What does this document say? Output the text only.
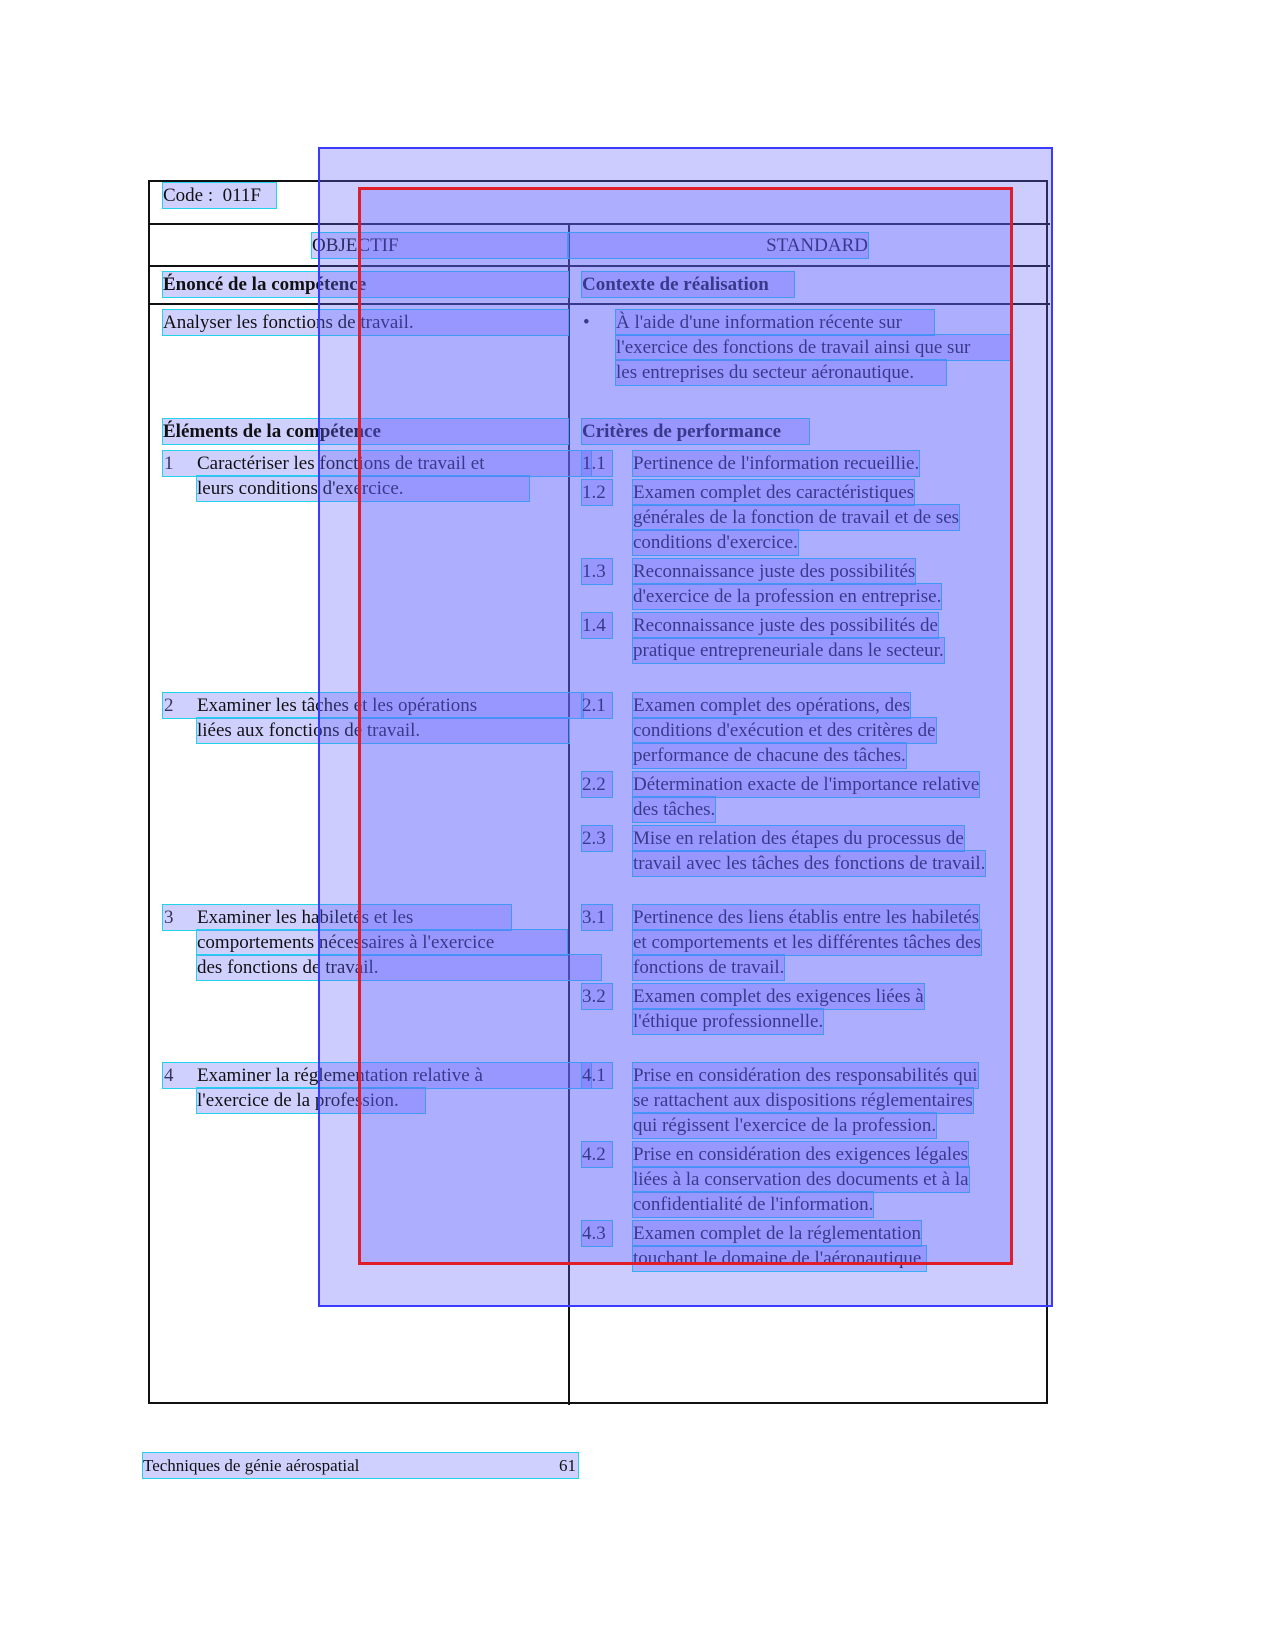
Code : 011F
OBJECTIF	STANDARD
Énoncé de la compétence
Analyser les fonctions de travail.
Éléments de la compétence
1	Caractériser les fonctions de travail et
leurs conditions d'exercice.
2	Examiner les tâches et les opérations
liées aux fonctions de travail.
3	Examiner les habiletés et les
comportements nécessaires à l'exercice
des fonctions de travail.
4	Examiner la réglementation relative à
l'exercice de la profession.
Contexte de réalisation
• À l'aide d'une information récente sur
l'exercice des fonctions de travail ainsi que sur
les entreprises du secteur aéronautique.
Critères de performance
1.1	Pertinence de l'information recueillie.
1.2	Examen complet des caractéristiques
générales de la fonction de travail et de ses
conditions d'exercice.
1.3	Reconnaissance juste des possibilités
d'exercice de la profession en entreprise.
1.4	Reconnaissance juste des possibilités de
pratique entrepreneuriale dans le secteur.
2.1	Examen complet des opérations, des
conditions d'exécution et des critères de
performance de chacune des tâches.
2.2	Détermination exacte de l'importance relative
des tâches.
2.3	Mise en relation des étapes du processus de
travail avec les tâches des fonctions de travail.
3.1	Pertinence des liens établis entre les habiletés
et comportements et les différentes tâches des
fonctions de travail.
3.2	Examen complet des exigences liées à
l'éthique professionnelle.
4.1	Prise en considération des responsabilités qui
se rattachent aux dispositions réglementaires
qui régissent l'exercice de la profession.
4.2	Prise en considération des exigences légales
liées à la conservation des documents et à la
confidentialité de l'information.
4.3	Examen complet de la réglementation
touchant le domaine de l'aéronautique.
Techniques de génie aérospatial	61
